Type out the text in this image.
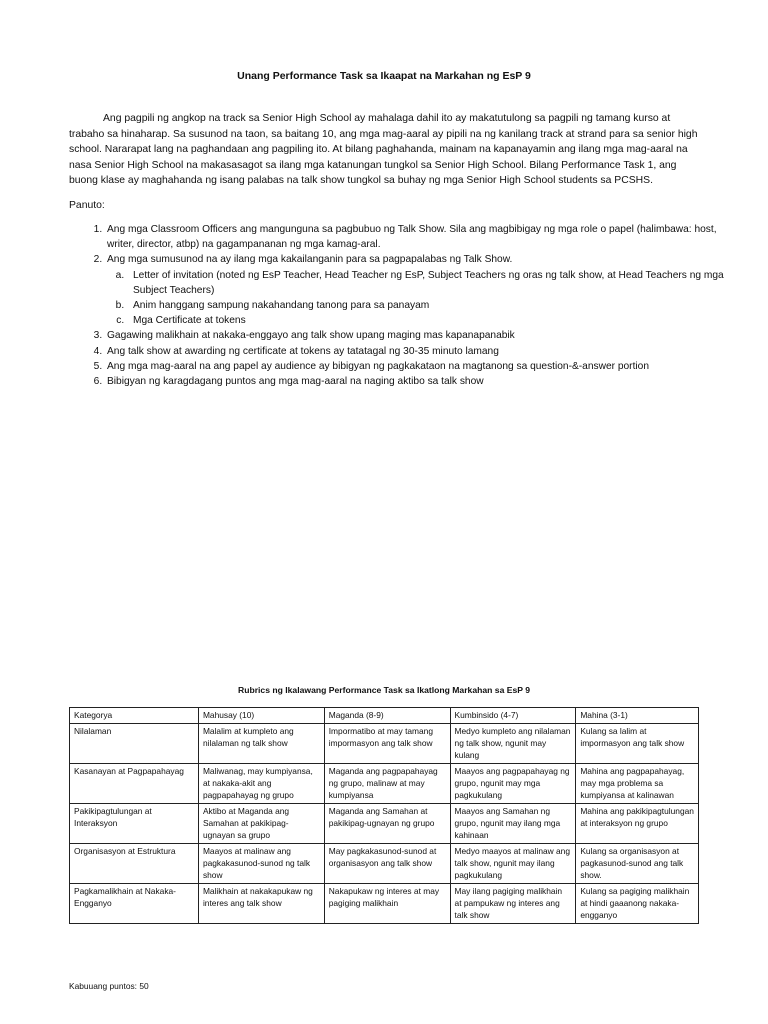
Unang Performance Task sa Ikaapat na Markahan ng EsP 9

Ang pagpili ng angkop na track sa Senior High School ay mahalaga dahil ito ay makatutulong sa pagpili ng tamang kurso at trabaho sa hinaharap. Sa susunod na taon, sa baitang 10, ang mga mag-aaral ay pipili na ng kanilang track at strand para sa senior high school. Nararapat lang na paghandaan ang pagpiling ito. At bilang paghahanda, mainam na kapanayamin ang ilang mga mag-aaral na nasa Senior High School na makasasagot sa ilang mga katanungan tungkol sa Senior High School. Bilang Performance Task 1, ang buong klase ay maghahanda ng isang palabas na talk show tungkol sa buhay ng mga Senior High School students sa PCSHS.

Panuto:

1. Ang mga Classroom Officers ang mangunguna sa pagbubuo ng Talk Show. Sila ang magbibigay ng mga role o papel (halimbawa: host, writer, director, atbp) na gagampananan ng mga kamag-aral.
2. Ang mga sumusunod na ay ilang mga kakailanganin para sa pagpapalabas ng Talk Show.
a. Letter of invitation (noted ng EsP Teacher, Head Teacher ng EsP, Subject Teachers ng oras ng talk show, at Head Teachers ng mga Subject Teachers)
b. Anim hanggang sampung nakahandang tanong para sa panayam
c. Mga Certificate at tokens
3. Gagawing malikhain at nakaka-enggayo ang talk show upang maging mas kapanapanabik
4. Ang talk show at awarding ng certificate at tokens ay tatatagal ng 30-35 minuto lamang
5. Ang mga mag-aaral na ang papel ay audience ay bibigyan ng pagkakataon na magtanong sa question-&-answer portion
6. Bibigyan ng karagdagang puntos ang mga mag-aaral na naging aktibo sa talk show
Rubrics ng Ikalawang Performance Task sa Ikatlong Markahan sa EsP 9
Kategorya	Mahusay (10)	Maganda (8-9)	Kumbinsido (4-7)	Mahina (3-1)
Nilalaman	Malalim at kumpleto ang nilalaman ng talk show	Impormatibo at may tamang impormasyon ang talk show	Medyo kumpleto ang nilalaman ng talk show, ngunit may kulang	Kulang sa lalim at impormasyon ang talk show
Kasanayan at Pagpapahayag	Maliwanag, may kumpiyansa, at nakaka-akit ang pagpapahayag ng grupo	Maganda ang pagpapahayag ng grupo, malinaw at may kumpiyansa	Maayos ang pagpapahayag ng grupo, ngunit may mga pagkukulang	Mahina ang pagpapahayag, may mga problema sa kumpiyansa at kalinawan
Pakikipagtulungan at Interaksyon	Aktibo at Maganda ang Samahan at pakikipag-ugnayan sa grupo	Maganda ang Samahan at pakikipag-ugnayan ng grupo	Maayos ang Samahan ng grupo, ngunit may ilang mga kahinaan	Mahina ang pakikipagtulungan at interaksyon ng grupo
Organisasyon at Estruktura	Maayos at malinaw ang pagkakasunod-sunod ng talk show	May pagkakasunod-sunod at organisasyon ang talk show	Medyo maayos at malinaw ang talk show, ngunit may ilang pagkukulang	Kulang sa organisasyon at pagkasunod-sunod ang talk show.
Pagkamalikhain at Nakaka-Engganyo	Malikhain at nakakapukaw ng interes ang talk show	Nakapukaw ng interes at may pagiging malikhain	May ilang pagiging malikhain at pampukaw ng interes ang talk show	Kulang sa pagiging malikhain at hindi gaaanong nakaka-engganyo
Kabuuang puntos: 50
